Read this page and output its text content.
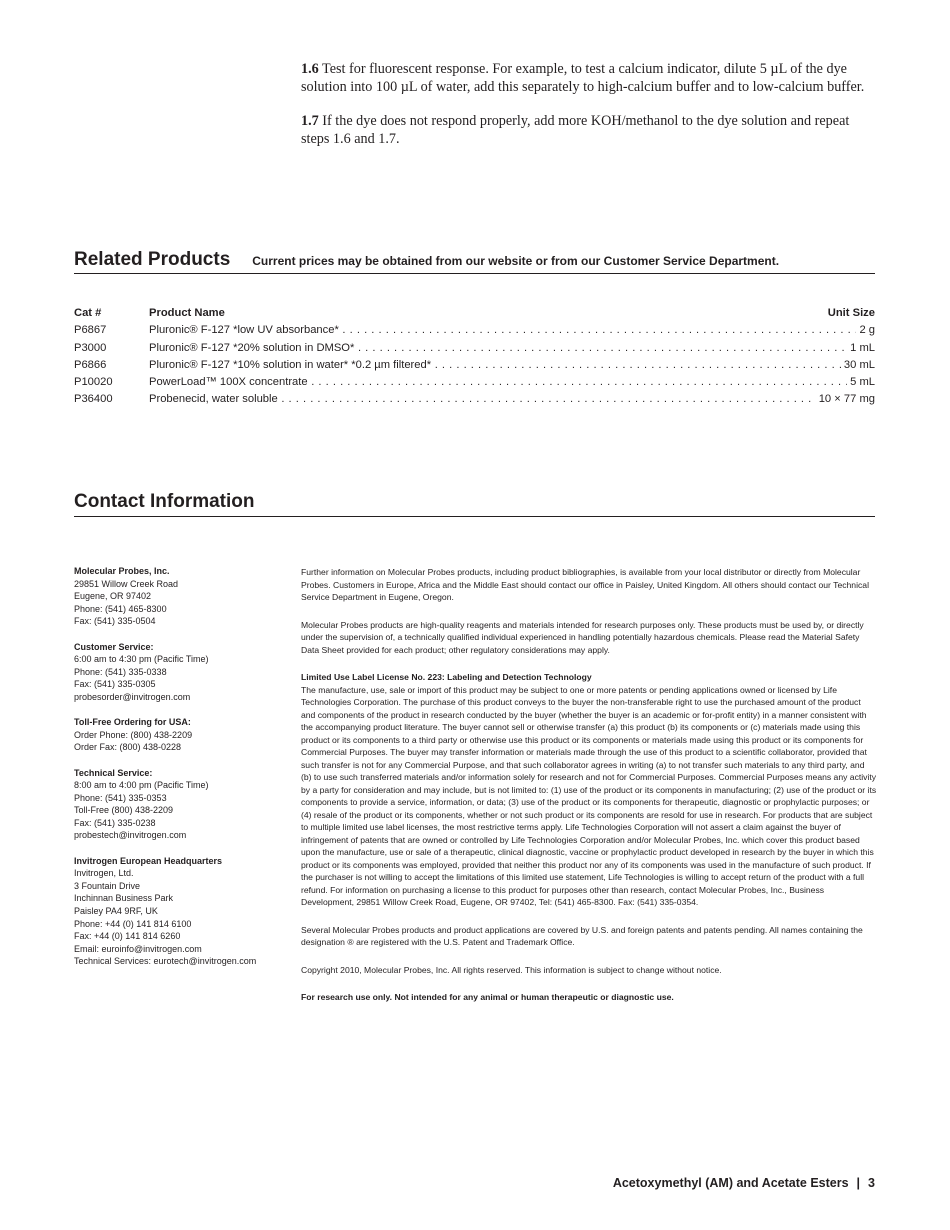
1.6 Test for fluorescent response. For example, to test a calcium indicator, dilute 5 µL of the dye solution into 100 µL of water, add this separately to high-calcium buffer and to low-calcium buffer.

1.7 If the dye does not respond properly, add more KOH/methanol to the dye solution and repeat steps 1.6 and 1.7.

Related Products Current prices may be obtained from our website or from our Customer Service Department.
Cat #	Product Name	Unit Size
P6867	Pluronic® F-127 *low UV absorbance* . . .	2 g
P3000	Pluronic® F-127 *20% solution in DMSO* . . .	1 mL
P6866	Pluronic® F-127 *10% solution in water* *0.2 µm filtered* . . .	30 mL
P10020	PowerLoad™ 100X concentrate . . .	5 mL
P36400	Probenecid, water soluble . . .	10 × 77 mg
Contact Information
Molecular Probes, Inc.
29851 Willow Creek Road
Eugene, OR 97402
Phone: (541) 465-8300
Fax: (541) 335-0504
Customer Service:
6:00 am to 4:30 pm (Pacific Time)
Phone: (541) 335-0338
Fax: (541) 335-0305
probesorder@invitrogen.com
Toll-Free Ordering for USA:
Order Phone: (800) 438-2209
Order Fax: (800) 438-0228
Technical Service:
8:00 am to 4:00 pm (Pacific Time)
Phone: (541) 335-0353
Toll-Free (800) 438-2209
Fax: (541) 335-0238
probestech@invitrogen.com
Invitrogen European Headquarters
Invitrogen, Ltd.
3 Fountain Drive
Inchinnan Business Park
Paisley PA4 9RF, UK
Phone: +44 (0) 141 814 6100
Fax: +44 (0) 141 814 6260
Email: euroinfo@invitrogen.com
Technical Services: eurotech@invitrogen.com

Further information on Molecular Probes products, including product bibliographies, is available from your local distributor or directly from Molecular Probes. Customers in Europe, Africa and the Middle East should contact our office in Paisley, United Kingdom. All others should contact our Technical Service Department in Eugene, Oregon.

Molecular Probes products are high-quality reagents and materials intended for research purposes only. These products must be used by, or directly under the supervision of, a technically qualified individual experienced in handling potentially hazardous chemicals. Please read the Material Safety Data Sheet provided for each product; other regulatory considerations may apply.

Limited Use Label License No. 223: Labeling and Detection Technology
The manufacture, use, sale or import of this product may be subject to one or more patents or pending applications owned or licensed by Life Technologies Corporation. The purchase of this product conveys to the buyer the non-transferable right to use the purchased amount of the product and components of the product in research conducted by the buyer (whether the buyer is an academic or for-profit entity) in a manner consistent with the accompanying product literature. The buyer cannot sell or otherwise transfer (a) this product (b) its components or (c) materials made using this product or its components to a third party or otherwise use this product or its components or materials made using this product or its components for Commercial Purposes. The buyer may transfer information or materials made through the use of this product to a scientific collaborator, provided that such transfer is not for any Commercial Purpose, and that such collaborator agrees in writing (a) to not transfer such materials to any third party, and (b) to use such transferred materials and/or information solely for research and not for Commercial Purposes. Commercial Purposes means any activity by a party for consideration and may include, but is not limited to: (1) use of the product or its components in manufacturing; (2) use of the product or its components to provide a service, information, or data; (3) use of the product or its components for therapeutic, diagnostic or prophylactic purposes; or (4) resale of the product or its components, whether or not such product or its components are resold for use in research. For products that are subject to multiple limited use label licenses, the most restrictive terms apply. Life Technologies Corporation will not assert a claim against the buyer of infringement of patents that are owned or controlled by Life Technologies Corporation and/or Molecular Probes, Inc. which cover this product based upon the manufacture, use or sale of a therapeutic, clinical diagnostic, vaccine or prophylactic product developed in research by the buyer in which this product or its components was employed, provided that neither this product nor any of its components was used in the manufacture of such product. If the purchaser is not willing to accept the limitations of this limited use statement, Life Technologies is willing to accept return of the product with a full refund. For information on purchasing a license to this product for purposes other than research, contact Molecular Probes, Inc., Business Development, 29851 Willow Creek Road, Eugene, OR 97402, Tel: (541) 465-8300. Fax: (541) 335-0354.

Several Molecular Probes products and product applications are covered by U.S. and foreign patents and patents pending. All names containing the designation ® are registered with the U.S. Patent and Trademark Office.

Copyright 2010, Molecular Probes, Inc. All rights reserved. This information is subject to change without notice.

For research use only. Not intended for any animal or human therapeutic or diagnostic use.

Acetoxymethyl (AM) and Acetate Esters | 3
